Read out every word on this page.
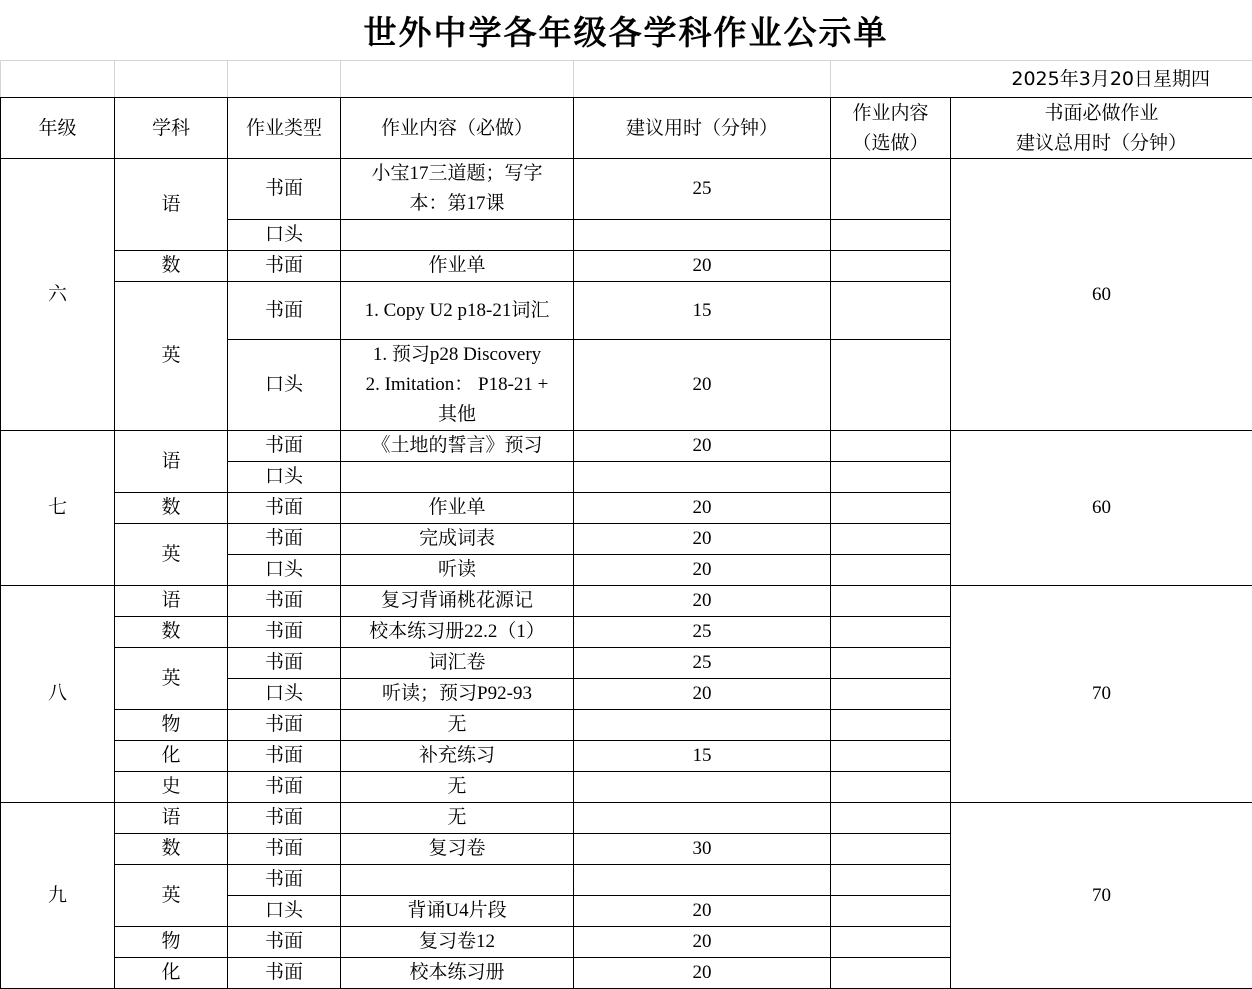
世外中学各年级各学科作业公示单
					2025年3月20日星期四	
年级	学科	作业类型	作业内容（必做）	建议用时（分钟）	作业内容
（选做）	书面必做作业
建议总用时（分钟）

六	语	书面	小宝17三道题；写字
本：第17课	25		60
		口头		

	数	书面	作业单	20		
	英	书面	1. Copy U2 p18-21词汇	15		
		口头	1. 预习p28 Discovery
2. Imitation： P18-21 +
其他	20		
七	语	书面	《土地的誓言》预习	20		60
		口头		

	数	书面	作业单	20		
	英	书面	完成词表	20		
		口头	听读	20		
八	语	书面	复习背诵桃花源记	20		70
	数	书面	校本练习册22.2（1）	25		
	英	书面	词汇卷	25		
		口头	听读；预习P92-93	20		
	物	书面	无			

	化	书面	补充练习	15		
	史	书面	无			

九	语	书面	无			70
	数	书面	复习卷	30		
	英	书面		

		口头	背诵U4片段	20		
	物	书面	复习卷12	20		
	化	书面	校本练习册	20		
